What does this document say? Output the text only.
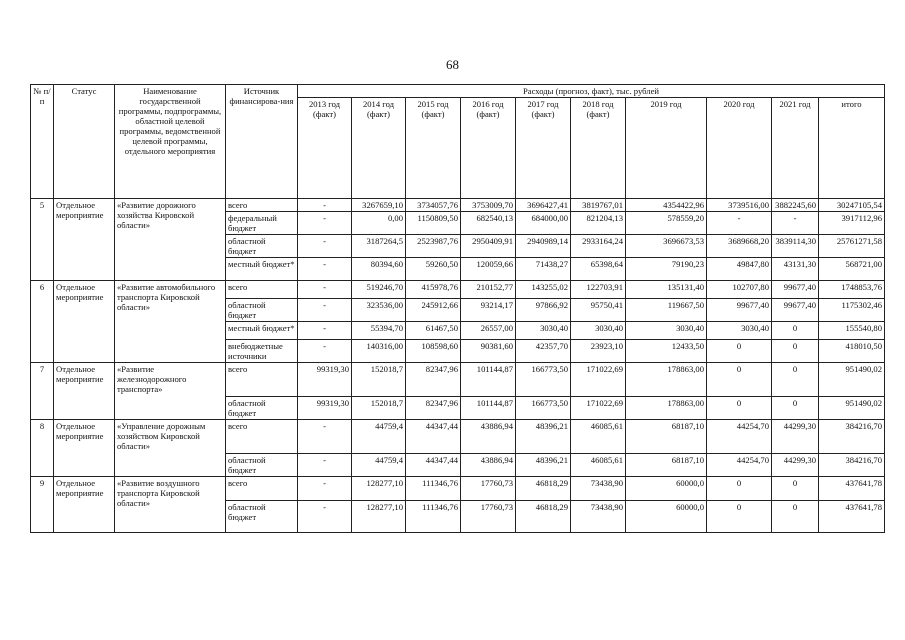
68
№ п/п	Статус	Наименование государственной программы, подпрограммы, областной целевой программы, ведомственной целевой программы, отдельного мероприятия	Источник финансирова-ния	Расходы (прогноз, факт), тыс. рублей									
				2013 год (факт)	2014 год (факт)	2015 год (факт)	2016 год (факт)	2017 год (факт)	2018 год (факт)	2019 год	2020 год	2021 год	итого
5	Отдельное мероприятие	«Развитие дорожного хозяйства Кировской области»	всего	-	3267659,10	3734057,76	3753009,70	3696427,41	3819767,01	4354422,96	3739516,00	3882245,60	30247105,54
			федеральный бюджет	-	0,00	1150809,50	682540,13	684000,00	821204,13	578559,20	-	-	3917112,96
			областной бюджет	-	3187264,5	2523987,76	2950409,91	2940989,14	2933164,24	3696673,53	3689668,20	3839114,30	25761271,58
			местный бюджет*	-	80394,60	59260,50	120059,66	71438,27	65398,64	79190,23	49847,80	43131,30	568721,00
6	Отдельное мероприятие	«Развитие автомобильного транспорта Кировской области»	всего	-	519246,70	415978,76	210152,77	143255,02	122703,91	135131,40	102707,80	99677,40	1748853,76
			областной бюджет	-	323536,00	245912,66	93214,17	97866,92	95750,41	119667,50	99677,40	99677,40	1175302,46
			местный бюджет*	-	55394,70	61467,50	26557,00	3030,40	3030,40	3030,40	3030,40	0	155540,80
			внебюджетные источники	-	140316,00	108598,60	90381,60	42357,70	23923,10	12433,50	0	0	418010,50
7	Отдельное мероприятие	«Развитие железнодорожного транспорта»	всего	99319,30	152018,7	82347,96	101144,87	166773,50	171022,69	178863,00	0	0	951490,02
			областной бюджет	99319,30	152018,7	82347,96	101144,87	166773,50	171022,69	178863,00	0	0	951490,02
8	Отдельное мероприятие	«Управление дорожным хозяйством Кировской области»	всего	-	44759,4	44347,44	43886,94	48396,21	46085,61	68187,10	44254,70	44299,30	384216,70
			областной бюджет	-	44759,4	44347,44	43886,94	48396,21	46085,61	68187,10	44254,70	44299,30	384216,70
9	Отдельное мероприятие	«Развитие воздушного транспорта Кировской области»	всего	-	128277,10	111346,76	17760,73	46818,29	73438,90	60000,0	0	0	437641,78
			областной бюджет	-	128277,10	111346,76	17760,73	46818,29	73438,90	60000,0	0	0	437641,78
